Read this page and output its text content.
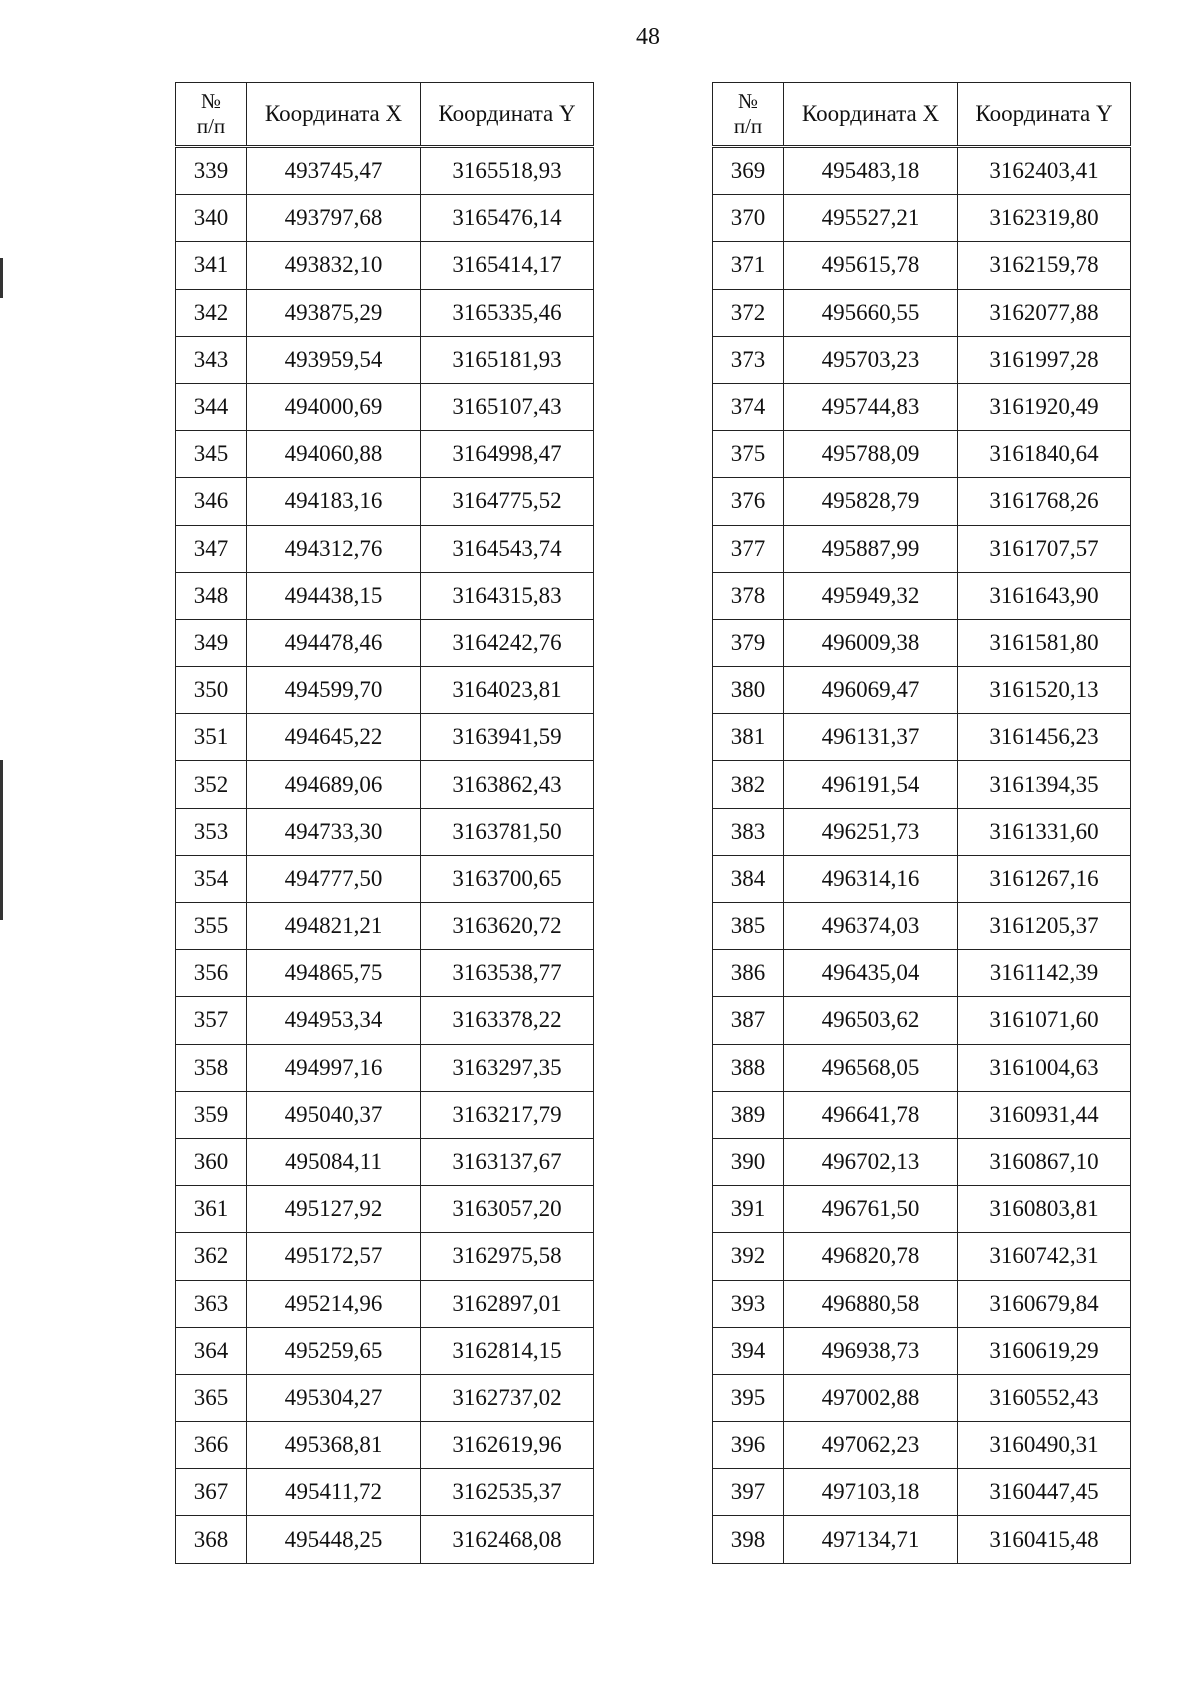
48
№
п/п	Координата X	Координата Y
339	493745,47	3165518,93
340	493797,68	3165476,14
341	493832,10	3165414,17
342	493875,29	3165335,46
343	493959,54	3165181,93
344	494000,69	3165107,43
345	494060,88	3164998,47
346	494183,16	3164775,52
347	494312,76	3164543,74
348	494438,15	3164315,83
349	494478,46	3164242,76
350	494599,70	3164023,81
351	494645,22	3163941,59
352	494689,06	3163862,43
353	494733,30	3163781,50
354	494777,50	3163700,65
355	494821,21	3163620,72
356	494865,75	3163538,77
357	494953,34	3163378,22
358	494997,16	3163297,35
359	495040,37	3163217,79
360	495084,11	3163137,67
361	495127,92	3163057,20
362	495172,57	3162975,58
363	495214,96	3162897,01
364	495259,65	3162814,15
365	495304,27	3162737,02
366	495368,81	3162619,96
367	495411,72	3162535,37
368	495448,25	3162468,08
№
п/п	Координата X	Координата Y
369	495483,18	3162403,41
370	495527,21	3162319,80
371	495615,78	3162159,78
372	495660,55	3162077,88
373	495703,23	3161997,28
374	495744,83	3161920,49
375	495788,09	3161840,64
376	495828,79	3161768,26
377	495887,99	3161707,57
378	495949,32	3161643,90
379	496009,38	3161581,80
380	496069,47	3161520,13
381	496131,37	3161456,23
382	496191,54	3161394,35
383	496251,73	3161331,60
384	496314,16	3161267,16
385	496374,03	3161205,37
386	496435,04	3161142,39
387	496503,62	3161071,60
388	496568,05	3161004,63
389	496641,78	3160931,44
390	496702,13	3160867,10
391	496761,50	3160803,81
392	496820,78	3160742,31
393	496880,58	3160679,84
394	496938,73	3160619,29
395	497002,88	3160552,43
396	497062,23	3160490,31
397	497103,18	3160447,45
398	497134,71	3160415,48
